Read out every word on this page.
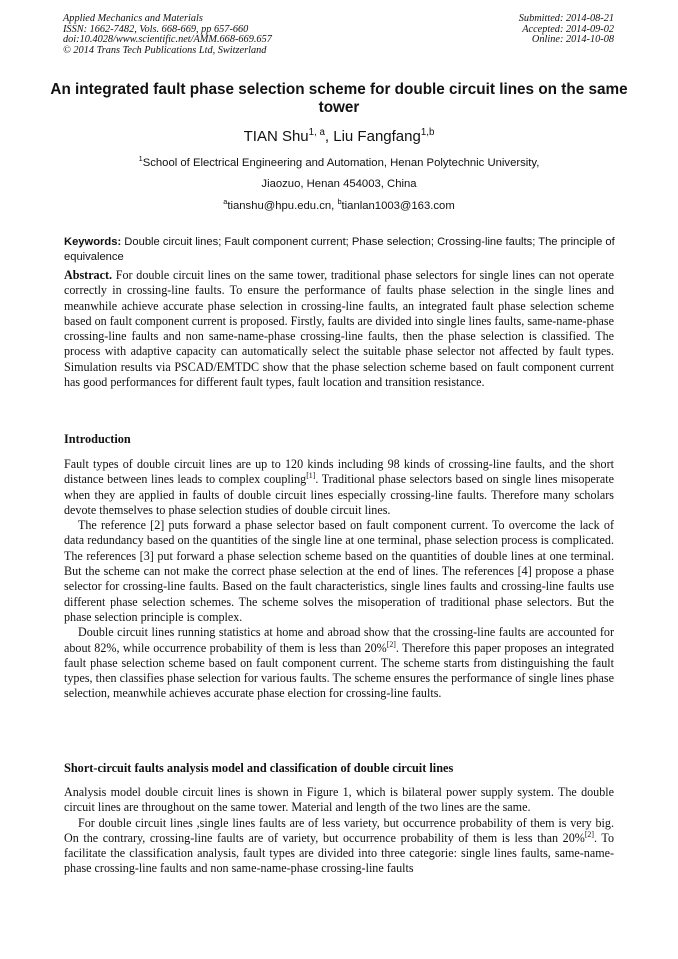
Applied Mechanics and Materials
ISSN: 1662-7482, Vols. 668-669, pp 657-660
doi:10.4028/www.scientific.net/AMM.668-669.657
© 2014 Trans Tech Publications Ltd, Switzerland
Submitted: 2014-08-21
Accepted: 2014-09-02
Online: 2014-10-08
An integrated fault phase selection scheme for double circuit lines on the same tower
TIAN Shu$^{1, a}$, Liu Fangfang$^{1,b}$
$^1$School of Electrical Engineering and Automation, Henan Polytechnic University,
Jiaozuo, Henan 454003, China
$^a$tianshu@hpu.edu.cn, $^b$tianlan1003@163.com
Keywords: Double circuit lines; Fault component current; Phase selection; Crossing-line faults; The principle of equivalence

Abstract. For double circuit lines on the same tower, traditional phase selectors for single lines can not operate correctly in crossing-line faults. To ensure the performance of faults phase selection in the single lines and meanwhile achieve accurate phase selection in crossing-line faults, an integrated fault phase selection scheme based on fault component current is proposed. Firstly, faults are divided into single lines faults, same-name-phase crossing-line faults and non same-name-phase crossing-line faults, then the phase selection is classified. The process with adaptive capacity can automatically select the suitable phase selector not affected by fault types. Simulation results via PSCAD/EMTDC show that the phase selection scheme based on fault component current has good performances for different fault types, fault location and transition resistance.

Introduction

Fault types of double circuit lines are up to 120 kinds including 98 kinds of crossing-line faults, and the short distance between lines leads to complex coupling[1]. Traditional phase selectors based on single lines misoperate when they are applied in faults of double circuit lines especially crossing-line faults. Therefore many scholars devote themselves to phase selection studies of double circuit lines.

The reference [2] puts forward a phase selector based on fault component current. To overcome the lack of data redundancy based on the quantities of the single line at one terminal, phase selection process is complicated. The references [3] put forward a phase selection scheme based on the quantities of double lines at one terminal. But the scheme can not make the correct phase selection at the end of lines. The references [4] propose a phase selector for crossing-line faults. Based on the fault characteristics, single lines faults and crossing-line faults use different phase selection schemes. The scheme solves the misoperation of traditional phase selectors. But the phase selection principle is complex.

Double circuit lines running statistics at home and abroad show that the crossing-line faults are accounted for about 82%, while occurrence probability of them is less than 20%[2]. Therefore this paper proposes an integrated fault phase selection scheme based on fault component current. The scheme starts from distinguishing the fault types, then classifies phase selection for various faults. The scheme ensures the performance of single lines phase selection, meanwhile achieves accurate phase election for crossing-line faults.

Short-circuit faults analysis model and classification of double circuit lines

Analysis model double circuit lines is shown in Figure 1, which is bilateral power supply system. The double circuit lines are throughout on the same tower. Material and length of the two lines are the same.

For double circuit lines ,single lines faults are of less variety, but occurrence probability of them is very big. On the contrary, crossing-line faults are of variety, but occurrence probability of them is less than 20%[2]. To facilitate the classification analysis, fault types are divided into three categorie: single lines faults, same-name-phase crossing-line faults and non same-name-phase crossing-line faults
